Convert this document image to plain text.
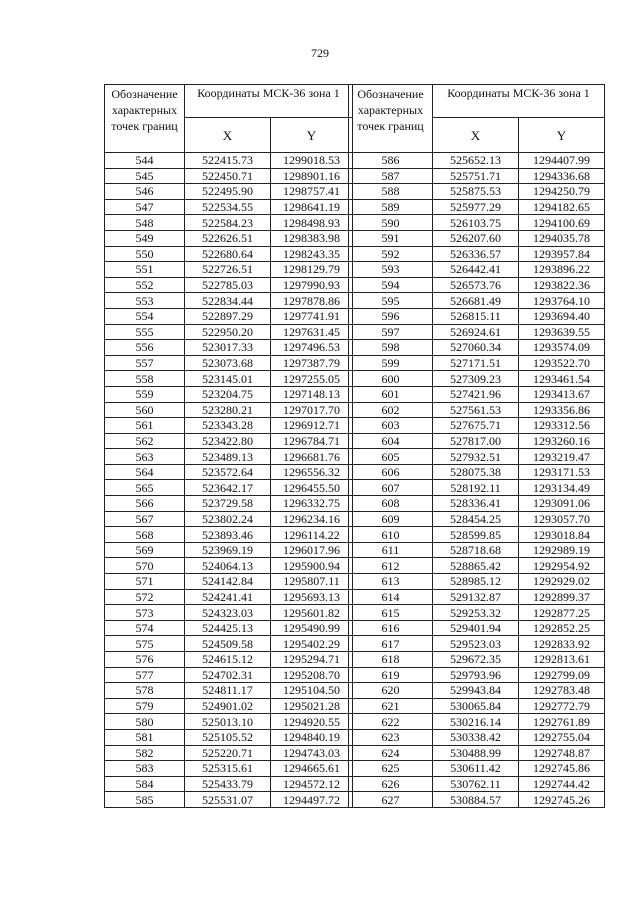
729
Обозначение характерных точек границ	Координаты МСК-36 зона 1	
	X	Y
544	522415.73	1299018.53
545	522450.71	1298901.16
546	522495.90	1298757.41
547	522534.55	1298641.19
548	522584.23	1298498.93
549	522626.51	1298383.98
550	522680.64	1298243.35
551	522726.51	1298129.79
552	522785.03	1297990.93
553	522834.44	1297878.86
554	522897.29	1297741.91
555	522950.20	1297631.45
556	523017.33	1297496.53
557	523073.68	1297387.79
558	523145.01	1297255.05
559	523204.75	1297148.13
560	523280.21	1297017.70
561	523343.28	1296912.71
562	523422.80	1296784.71
563	523489.13	1296681.76
564	523572.64	1296556.32
565	523642.17	1296455.50
566	523729.58	1296332.75
567	523802.24	1296234.16
568	523893.46	1296114.22
569	523969.19	1296017.96
570	524064.13	1295900.94
571	524142.84	1295807.11
572	524241.41	1295693.13
573	524323.03	1295601.82
574	524425.13	1295490.99
575	524509.58	1295402.29
576	524615.12	1295294.71
577	524702.31	1295208.70
578	524811.17	1295104.50
579	524901.02	1295021.28
580	525013.10	1294920.55
581	525105.52	1294840.19
582	525220.71	1294743.03
583	525315.61	1294665.61
584	525433.79	1294572.12
585	525531.07	1294497.72
Обозначение характерных точек границ	Координаты МСК-36 зона 1	
	X	Y
586	525652.13	1294407.99
587	525751.71	1294336.68
588	525875.53	1294250.79
589	525977.29	1294182.65
590	526103.75	1294100.69
591	526207.60	1294035.78
592	526336.57	1293957.84
593	526442.41	1293896.22
594	526573.76	1293822.36
595	526681.49	1293764.10
596	526815.11	1293694.40
597	526924.61	1293639.55
598	527060.34	1293574.09
599	527171.51	1293522.70
600	527309.23	1293461.54
601	527421.96	1293413.67
602	527561.53	1293356.86
603	527675.71	1293312.56
604	527817.00	1293260.16
605	527932.51	1293219.47
606	528075.38	1293171.53
607	528192.11	1293134.49
608	528336.41	1293091.06
609	528454.25	1293057.70
610	528599.85	1293018.84
611	528718.68	1292989.19
612	528865.42	1292954.92
613	528985.12	1292929.02
614	529132.87	1292899.37
615	529253.32	1292877.25
616	529401.94	1292852.25
617	529523.03	1292833.92
618	529672.35	1292813.61
619	529793.96	1292799.09
620	529943.84	1292783.48
621	530065.84	1292772.79
622	530216.14	1292761.89
623	530338.42	1292755.04
624	530488.99	1292748.87
625	530611.42	1292745.86
626	530762.11	1292744.42
627	530884.57	1292745.26
